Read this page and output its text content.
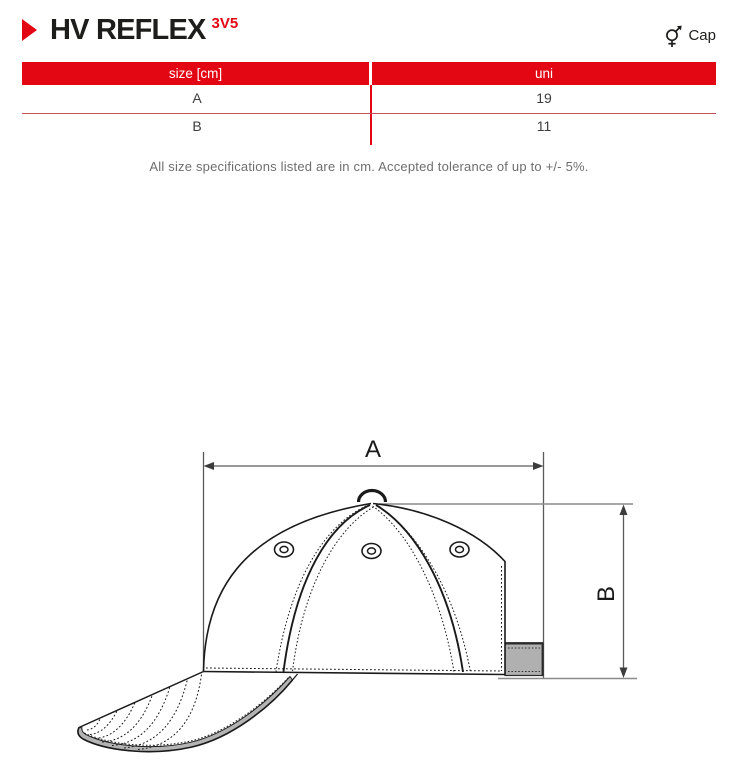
HV REFLEX 3V5
Cap
size [cm]	uni
A	19
B	11
All size specifications listed are in cm. Accepted tolerance of up to +/- 5%.
A
B
